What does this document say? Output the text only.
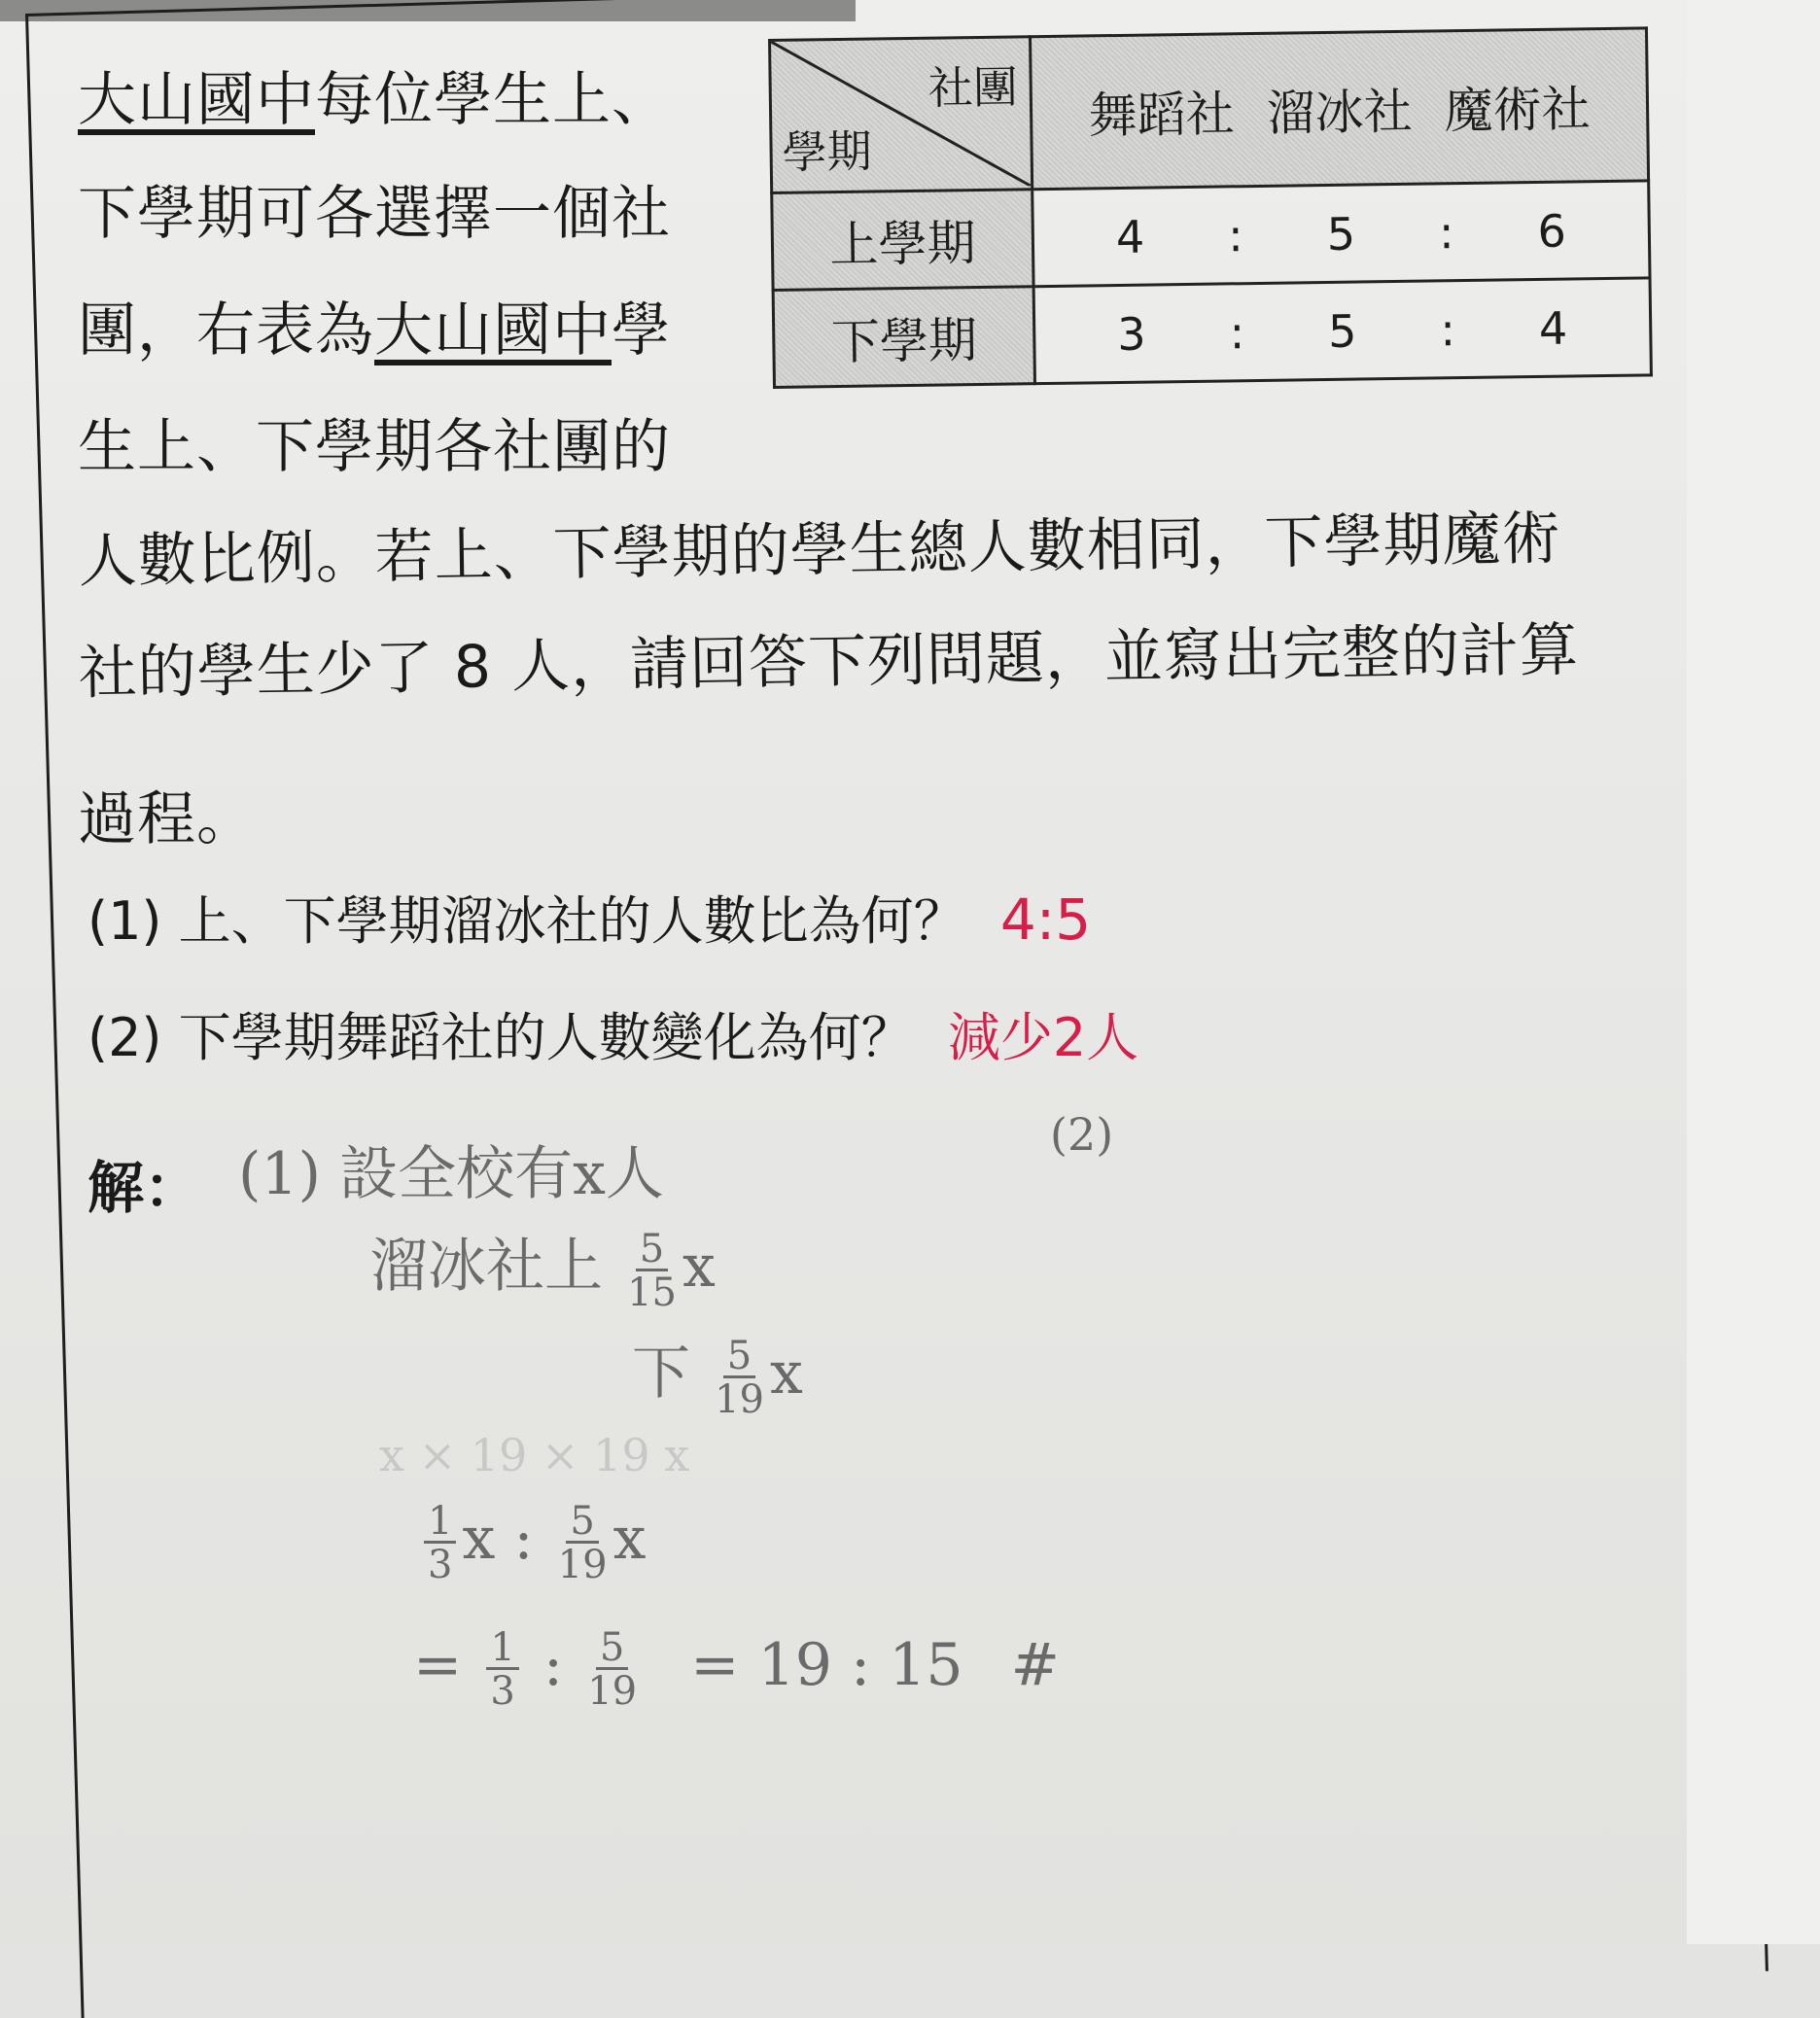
大山國中每位學生上、
下學期可各選擇一個社
團，右表為大山國中學
生上、下學期各社團的
人數比例。若上、下學期的學生總人數相同，下學期魔術
社的學生少了 8 人，請回答下列問題，並寫出完整的計算
過程。
社團
學期	舞蹈社 溜冰社 魔術社

上學期	4 : 5 : 6

下學期	3 : 5 : 4
(1) 上、下學期溜冰社的人數比為何？ 4:5
(2) 下學期舞蹈社的人數變化為何？ 減少2人
解： (1) 設全校有x人
(2)
溜冰社上 $\frac{5}{15}$ x
下 $\frac{5}{19}$ x
x × 19 × 19 x
$\frac{1}{3}$ x : $\frac{5}{19}$ x
= $\frac{1}{3}$ : $\frac{5}{19} = 19$ : 15 #
